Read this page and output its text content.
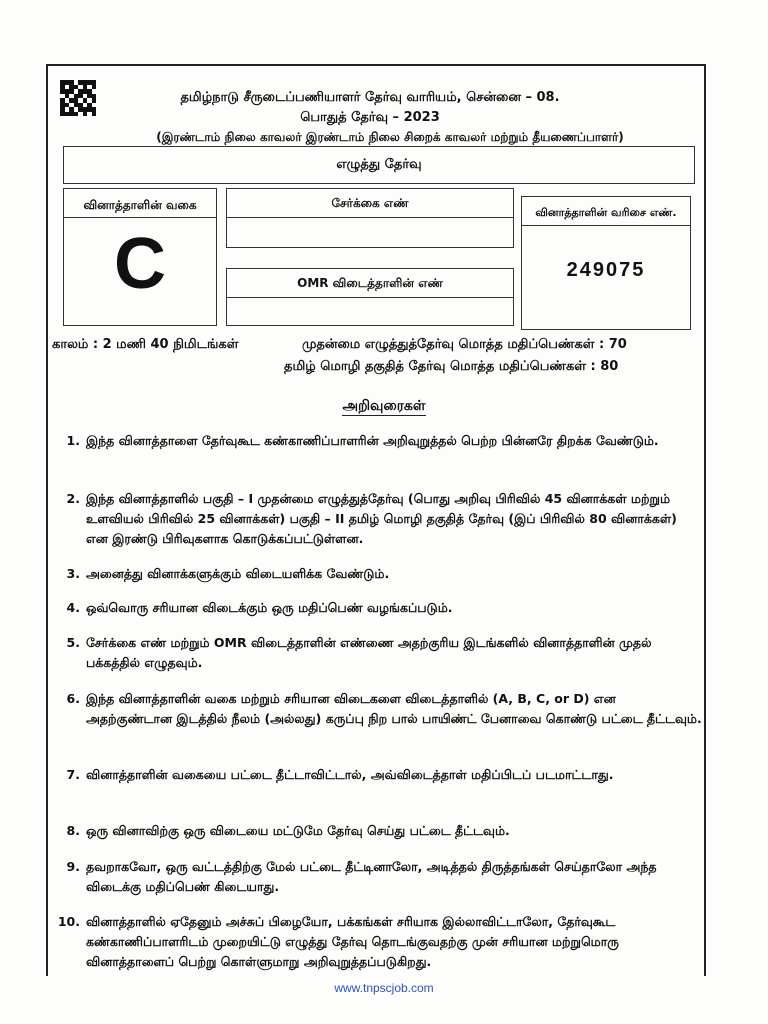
தமிழ்நாடு சீருடைப்பணியாளர் தேர்வு வாரியம், சென்னை – 08.
பொதுத் தேர்வு – 2023
(இரண்டாம் நிலை காவலர் இரண்டாம் நிலை சிறைக் காவலர் மற்றும் தீயணைப்பாளர்)
எழுத்து தேர்வு
வினாத்தாளின் வகை
C
சேர்க்கை எண்
OMR விடைத்தாளின் எண்
வினாத்தாளின் வரிசை எண்.
249075
காலம் : 2 மணி 40 நிமிடங்கள்	முதன்மை எழுத்துத்தேர்வு மொத்த மதிப்பெண்கள் : 70
தமிழ் மொழி தகுதித் தேர்வு மொத்த மதிப்பெண்கள் : 80
அறிவுரைகள்
1. இந்த வினாத்தாளை தேர்வுகூட கண்காணிப்பாளரின் அறிவுறுத்தல் பெற்ற பின்னரே திறக்க வேண்டும்.
2. இந்த வினாத்தாளில் பகுதி – I முதன்மை எழுத்துத்தேர்வு (பொது அறிவு பிரிவில் 45 வினாக்கள் மற்றும் உளவியல் பிரிவில் 25 வினாக்கள்) பகுதி – II தமிழ் மொழி தகுதித் தேர்வு (இப் பிரிவில் 80 வினாக்கள்) என இரண்டு பிரிவுகளாக கொடுக்கப்பட்டுள்ளன.
3. அனைத்து வினாக்களுக்கும் விடையளிக்க வேண்டும்.
4. ஒவ்வொரு சரியான விடைக்கும் ஒரு மதிப்பெண் வழங்கப்படும்.
5. சேர்க்கை எண் மற்றும் OMR விடைத்தாளின் எண்ணை அதற்குரிய இடங்களில் வினாத்தாளின் முதல் பக்கத்தில் எழுதவும்.
6. இந்த வினாத்தாளின் வகை மற்றும் சரியான விடைகளை விடைத்தாளில் (A, B, C, or D) என அதற்குண்டான இடத்தில் நீலம் (அல்லது) கருப்பு நிற பால் பாயிண்ட் பேனாவை கொண்டு பட்டை தீட்டவும்.
7. வினாத்தாளின் வகையை பட்டை தீட்டாவிட்டால், அவ்விடைத்தாள் மதிப்பிடப் படமாட்டாது.
8. ஒரு வினாவிற்கு ஒரு விடையை மட்டுமே தேர்வு செய்து பட்டை தீட்டவும்.
9. தவறாகவோ, ஒரு வட்டத்திற்கு மேல் பட்டை தீட்டினாலோ, அடித்தல் திருத்தங்கள் செய்தாலோ அந்த விடைக்கு மதிப்பெண் கிடையாது.
10. வினாத்தாளில் ஏதேனும் அச்சுப் பிழையோ, பக்கங்கள் சரியாக இல்லாவிட்டாலோ, தேர்வுகூட கண்காணிப்பாளரிடம் முறையிட்டு எழுத்து தேர்வு தொடங்குவதற்கு முன் சரியான மற்றுமொரு வினாத்தாளைப் பெற்று கொள்ளுமாறு அறிவுறுத்தப்படுகிறது.
www.tnpscjob.com
